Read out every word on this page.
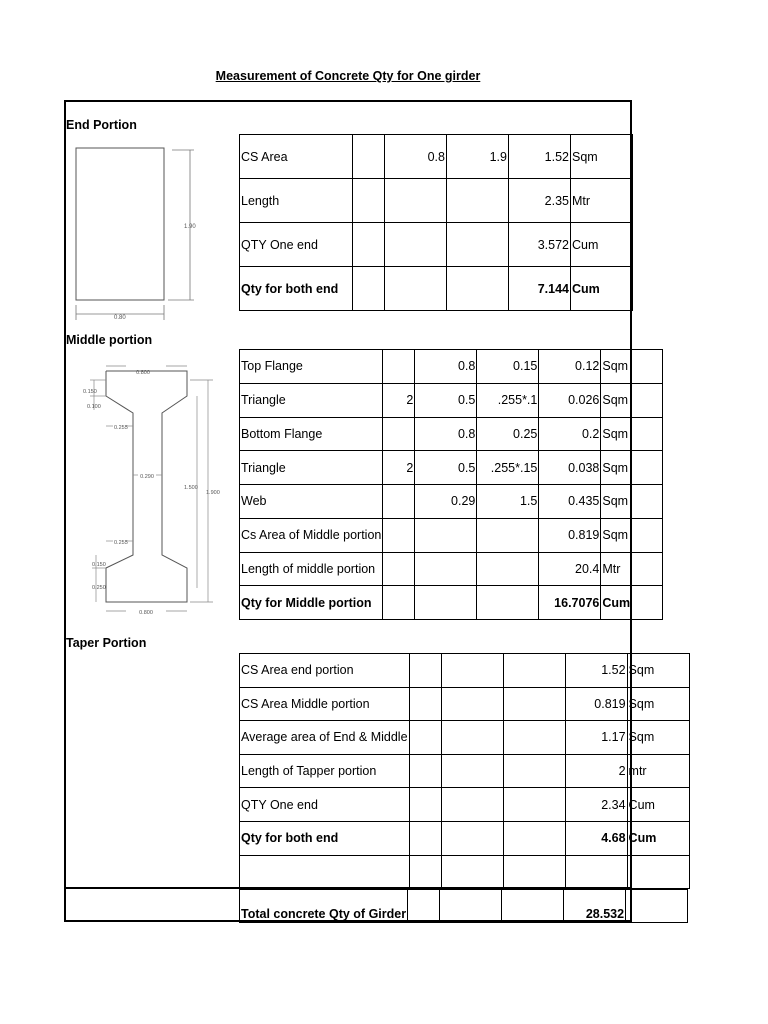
Measurement of Concrete Qty for One girder
End Portion
1.90
0.80
CS Area		0.8	1.9	1.52	Sqm
Length				2.35	Mtr
QTY One end				3.572	Cum
Qty for both end				7.144	Cum
Middle portion
0.800
0.150
0.100
0.255
0.290
1.500
1.900
0.255
0.150
0.250
0.800
Top Flange		0.8	0.15	0.12	Sqm
Triangle	2	0.5	.255*.1	0.026	Sqm
Bottom Flange		0.8	0.25	0.2	Sqm
Triangle	2	0.5	.255*.15	0.038	Sqm
Web		0.29	1.5	0.435	Sqm
Cs Area of Middle portion				0.819	Sqm
Length of middle portion				20.4	Mtr
Qty for Middle portion				16.7076	Cum
Taper Portion
CS Area end portion				1.52	Sqm
CS Area Middle portion				0.819	Sqm
Average area of End & Middle				1.17	Sqm
Length of Tapper portion				2	mtr
QTY One end				2.34	Cum
Qty for both end				4.68	Cum

Total concrete Qty of Girder				28.532	
